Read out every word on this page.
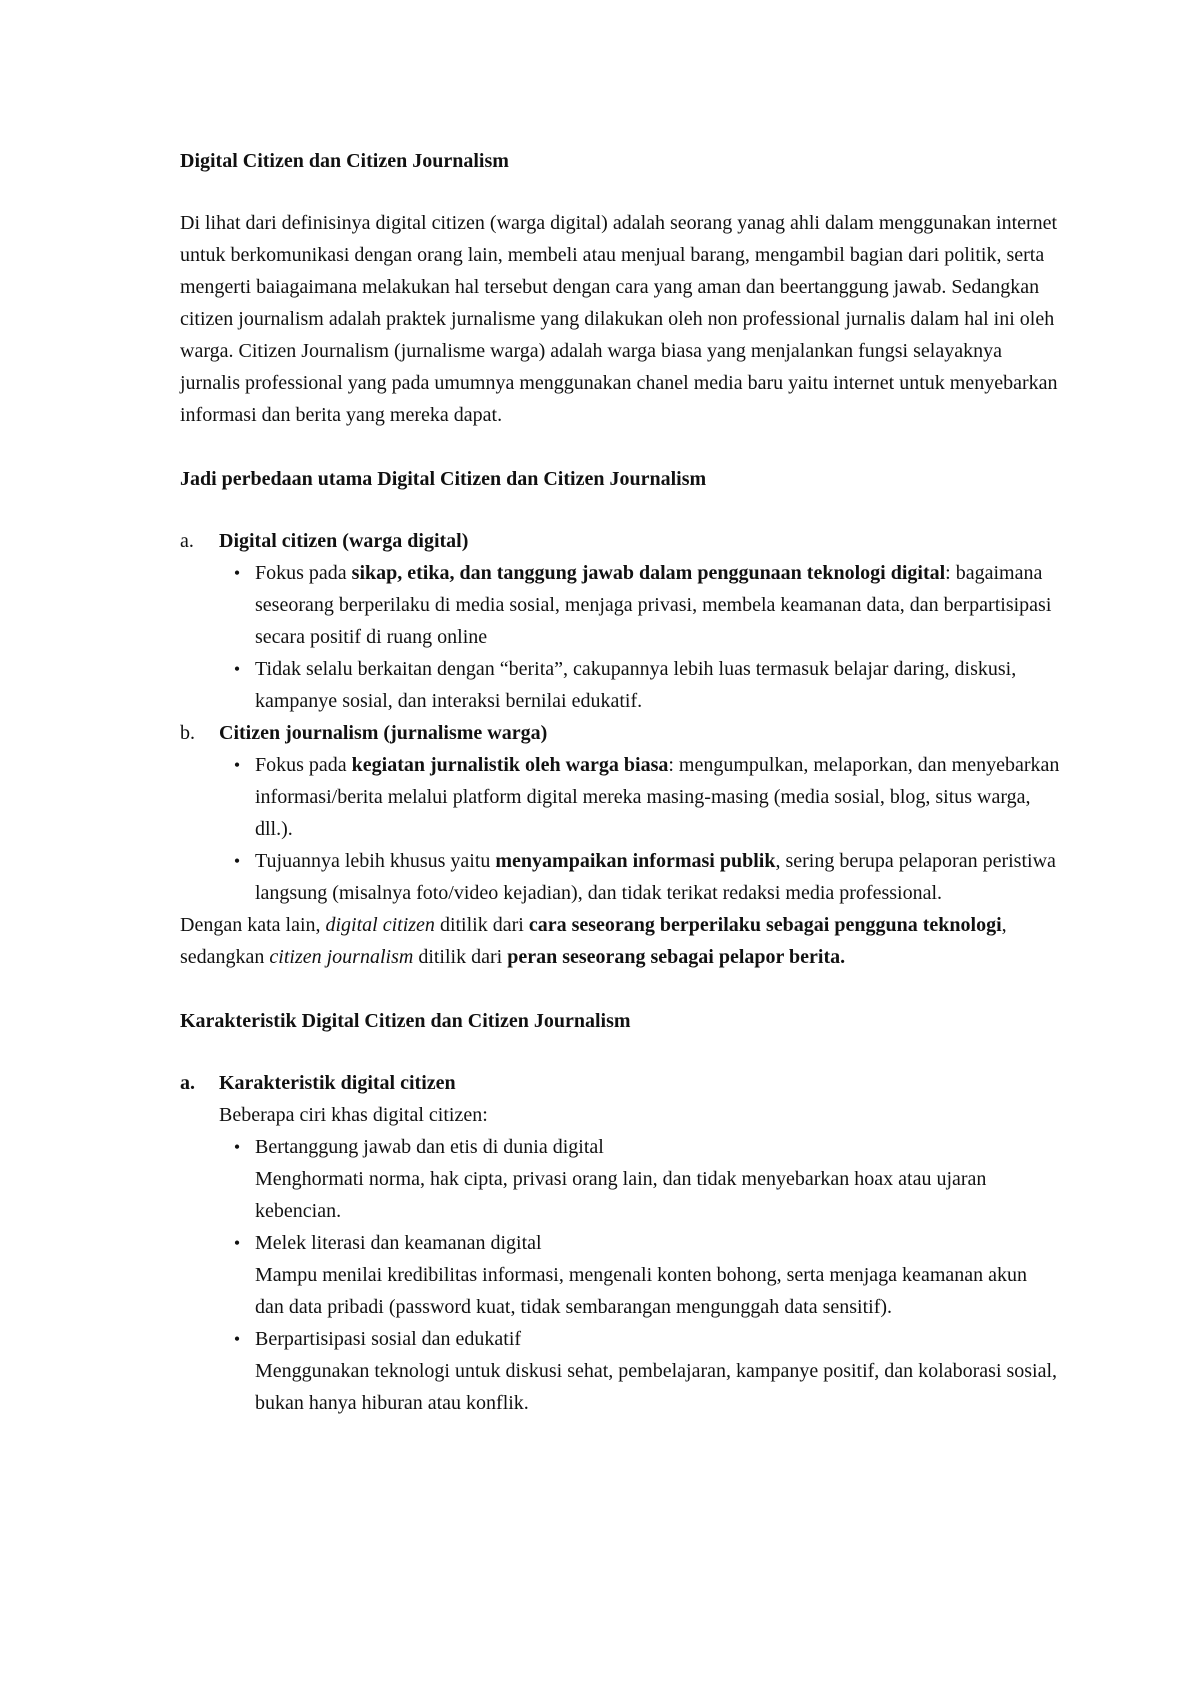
Digital Citizen dan Citizen Journalism

Di lihat dari definisinya digital citizen (warga digital) adalah seorang yanag ahli dalam menggunakan internet untuk berkomunikasi dengan orang lain, membeli atau menjual barang, mengambil bagian dari politik, serta mengerti baiagaimana melakukan hal tersebut dengan cara yang aman dan beertanggung jawab. Sedangkan citizen journalism adalah praktek jurnalisme yang dilakukan oleh non professional jurnalis dalam hal ini oleh warga. Citizen Journalism (jurnalisme warga) adalah warga biasa yang menjalankan fungsi selayaknya jurnalis professional yang pada umumnya menggunakan chanel media baru yaitu internet untuk menyebarkan informasi dan berita yang mereka dapat.

Jadi perbedaan utama Digital Citizen dan Citizen Journalism

a.	Digital citizen (warga digital)
• Fokus pada sikap, etika, dan tanggung jawab dalam penggunaan teknologi digital: bagaimana seseorang berperilaku di media sosial, menjaga privasi, membela keamanan data, dan berpartisipasi secara positif di ruang online
• Tidak selalu berkaitan dengan “berita”, cakupannya lebih luas termasuk belajar daring, diskusi, kampanye sosial, dan interaksi bernilai edukatif.
b.	Citizen journalism (jurnalisme warga)
• Fokus pada kegiatan jurnalistik oleh warga biasa: mengumpulkan, melaporkan, dan menyebarkan informasi/berita melalui platform digital mereka masing-masing (media sosial, blog, situs warga, dll.).
• Tujuannya lebih khusus yaitu menyampaikan informasi publik, sering berupa pelaporan peristiwa langsung (misalnya foto/video kejadian), dan tidak terikat redaksi media professional.

Dengan kata lain, digital citizen ditilik dari cara seseorang berperilaku sebagai pengguna teknologi, sedangkan citizen journalism ditilik dari peran seseorang sebagai pelapor berita.

Karakteristik Digital Citizen dan Citizen Journalism

a.	Karakteristik digital citizen
Beberapa ciri khas digital citizen:
• Bertanggung jawab dan etis di dunia digital
Menghormati norma, hak cipta, privasi orang lain, dan tidak menyebarkan hoax atau ujaran kebencian.
• Melek literasi dan keamanan digital
Mampu menilai kredibilitas informasi, mengenali konten bohong, serta menjaga keamanan akun dan data pribadi (password kuat, tidak sembarangan mengunggah data sensitif).
• Berpartisipasi sosial dan edukatif
Menggunakan teknologi untuk diskusi sehat, pembelajaran, kampanye positif, dan kolaborasi sosial, bukan hanya hiburan atau konflik.
